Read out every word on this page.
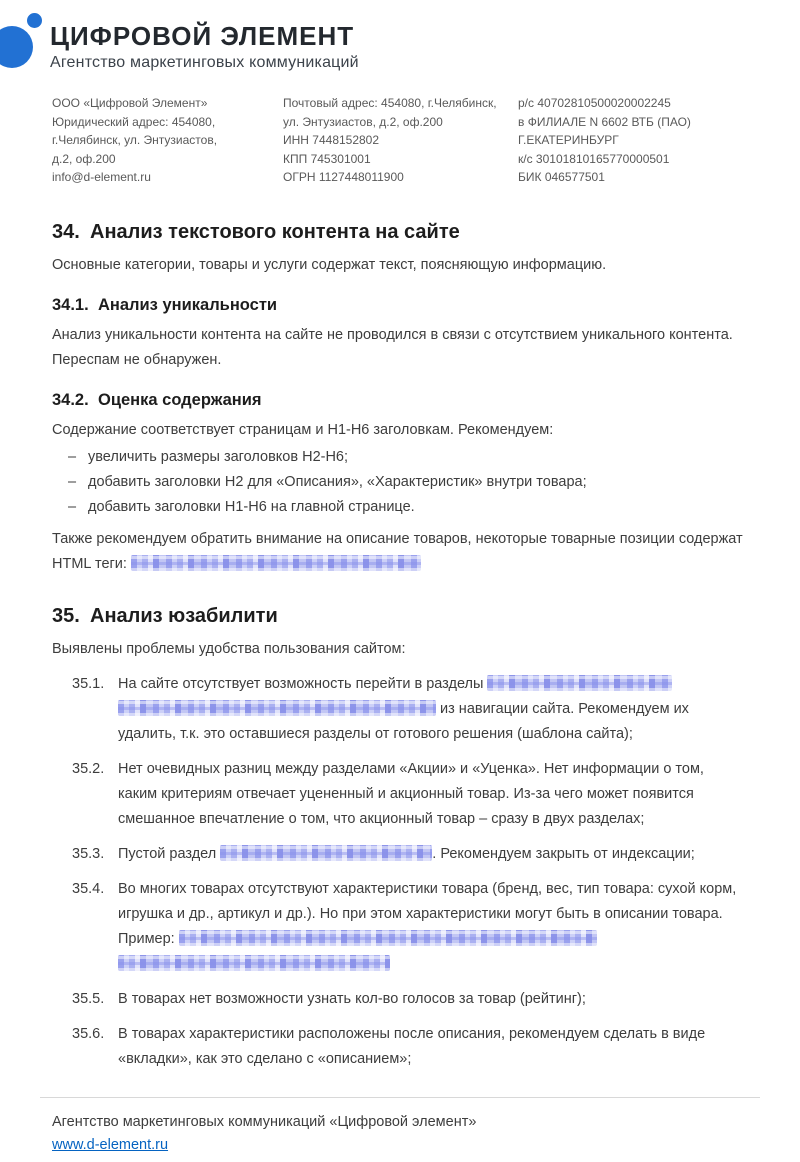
ЦИФРОВОЙ ЭЛЕМЕНТ
Агентство маркетинговых коммуникаций
ООО «Цифровой Элемент»
Юридический адрес: 454080,
г.Челябинск, ул. Энтузиастов,
д.2, оф.200
info@d-element.ru
Почтовый адрес: 454080, г.Челябинск,
ул. Энтузиастов, д.2, оф.200
ИНН 7448152802
КПП 745301001
ОГРН 1127448011900
р/с 40702810500020002245
в ФИЛИАЛЕ N 6602 ВТБ (ПАО)
Г.ЕКАТЕРИНБУРГ
к/с 30101810165770000501
БИК 046577501
34. Анализ текстового контента на сайте

Основные категории, товары и услуги содержат текст, поясняющую информацию.

34.1. Анализ уникальности

Анализ уникальности контента на сайте не проводился в связи с отсутствием уникального контента. Переспам не обнаружен.

34.2. Оценка содержания

Содержание соответствует страницам и H1-H6 заголовкам. Рекомендуем:

– увеличить размеры заголовков H2-H6;
– добавить заголовки H2 для «Описания», «Характеристик» внутри товара;
– добавить заголовки H1-H6 на главной странице.

Также рекомендуем обратить внимание на описание товаров, некоторые товарные позиции содержат HTML теги:

35. Анализ юзабилити

Выявлены проблемы удобства пользования сайтом:

35.1. На сайте отсутствует возможность перейти в разделы   из навигации сайта. Рекомендуем их удалить, т.к. это оставшиеся разделы от готового решения (шаблона сайта);
35.2. Нет очевидных разниц между разделами «Акции» и «Уценка». Нет информации о том, каким критериям отвечает уцененный и акционный товар. Из-за чего может появится смешанное впечатление о том, что акционный товар – сразу в двух разделах;
35.3. Пустой раздел	. Рекомендуем закрыть от индексации;
35.4. Во многих товарах отсутствуют характеристики товара (бренд, вес, тип товара: сухой корм, игрушка и др., артикул и др.). Но при этом характеристики могут быть в описании товара. Пример:
35.5. В товарах нет возможности узнать кол-во голосов за товар (рейтинг);
35.6. В товарах характеристики расположены после описания, рекомендуем сделать в виде «вкладки», как это сделано с «описанием»;
Агентство маркетинговых коммуникаций «Цифровой элемент»
www.d-element.ru
